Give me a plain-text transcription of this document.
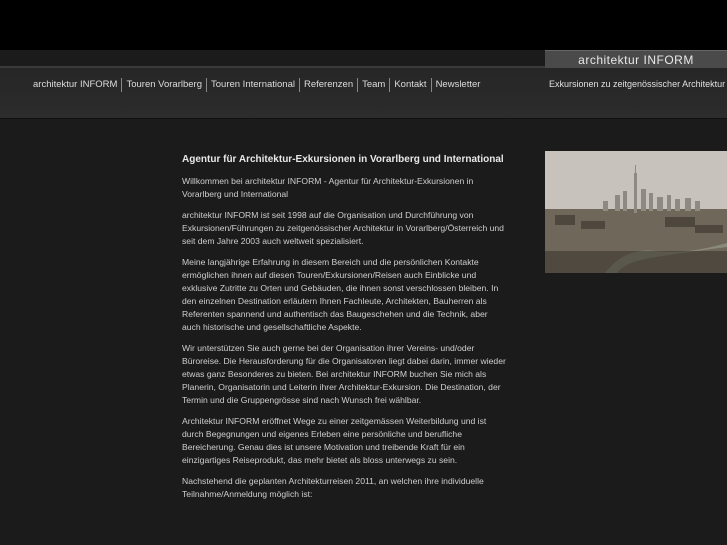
architektur INFORM
Exkursionen zu zeitgenössischer Architektur
architektur INFORM Touren Vorarlberg Touren International Referenzen Team Kontakt Newsletter
Agentur für Architektur-Exkursionen in Vorarlberg und International

Willkommen bei architektur INFORM - Agentur für Architektur-Exkursionen in Vorarlberg und International

architektur INFORM ist seit 1998 auf die Organisation und Durchführung von Exkursionen/Führungen zu zeitgenössischer Architektur in Vorarlberg/Österreich und seit dem Jahre 2003 auch weltweit spezialisiert.

Meine langjährige Erfahrung in diesem Bereich und die persönlichen Kontakte ermöglichen ihnen auf diesen Touren/Exkursionen/Reisen auch Einblicke und exklusive Zutritte zu Orten und Gebäuden, die ihnen sonst verschlossen bleiben. In den einzelnen Destination erläutern Ihnen Fachleute, Architekten, Bauherren als Referenten spannend und authentisch das Baugeschehen und die Technik, aber auch historische und gesellschaftliche Aspekte.

Wir unterstützen Sie auch gerne bei der Organisation ihrer Vereins- und/oder Büroreise. Die Herausforderung für die Organisatoren liegt dabei darin, immer wieder etwas ganz Besonderes zu bieten. Bei architektur INFORM buchen Sie mich als Planerin, Organisatorin und Leiterin ihrer Architektur-Exkursion. Die Destination, der Termin und die Gruppengrösse sind nach Wunsch frei wählbar.

Architektur INFORM eröffnet Wege zu einer zeitgemässen Weiterbildung und ist durch Begegnungen und eigenes Erleben eine persönliche und berufliche Bereicherung. Genau dies ist unsere Motivation und treibende Kraft für ein einzigartiges Reiseprodukt, das mehr bietet als bloss unterwegs zu sein.

Nachstehend die geplanten Architekturreisen 2011, an welchen ihre individuelle Teilnahme/Anmeldung möglich ist:
